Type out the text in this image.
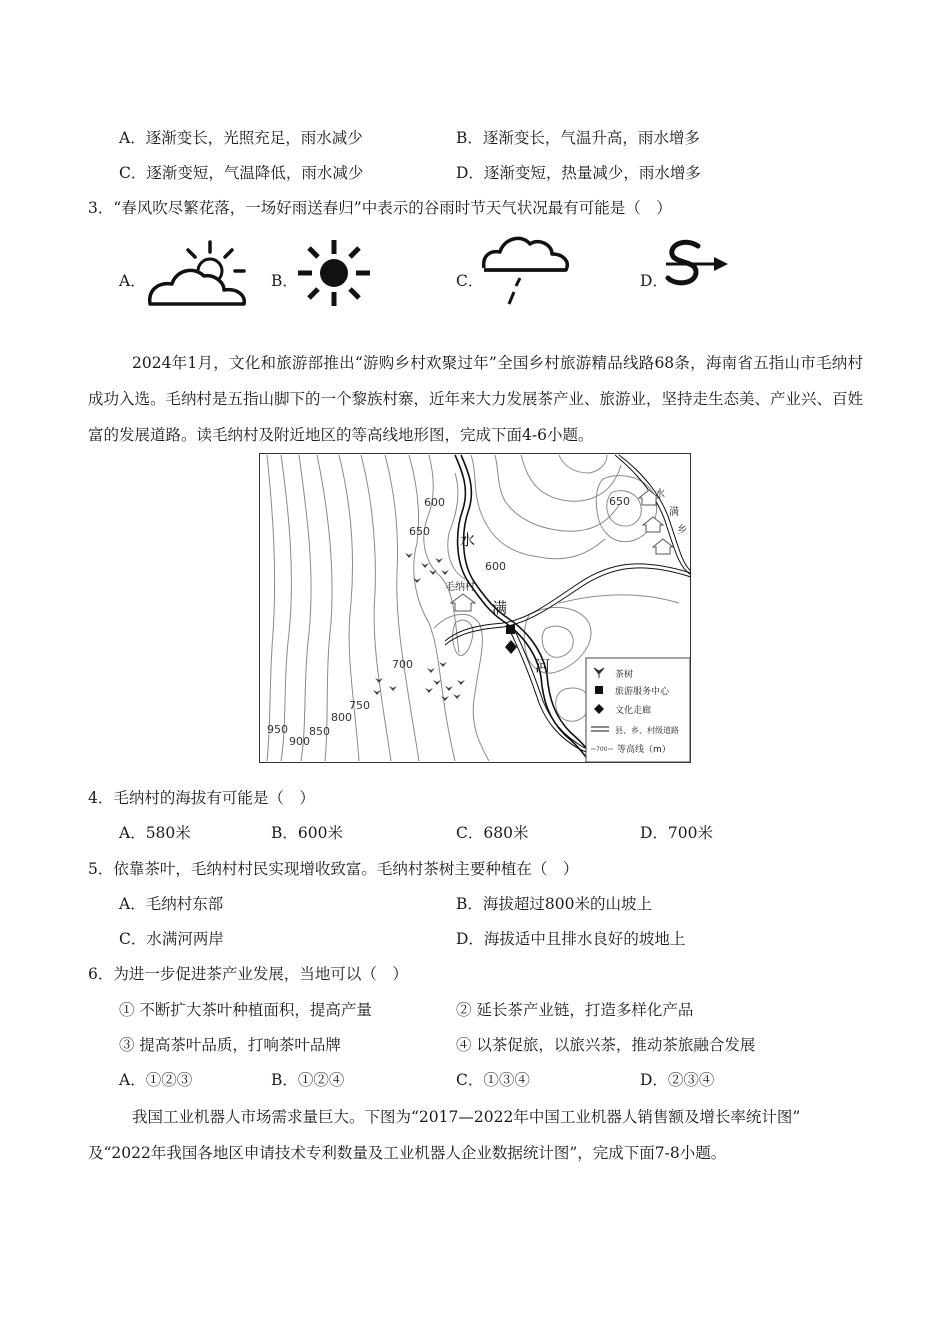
A．逐渐变长，光照充足，雨水减少	B．逐渐变长，气温升高，雨水增多
C．逐渐变短，气温降低，雨水减少	D．逐渐变短，热量减少，雨水增多
3．“春风吹尽繁花落，一场好雨送春归”中表示的谷雨时节天气状况最有可能是（　）
A．	B．	C．	D．
2024年1月，文化和旅游部推出“游购乡村欢聚过年”全国乡村旅游精品线路68条，海南省五指山市毛纳村成功入选。毛纳村是五指山脚下的一个黎族村寨，近年来大力发展茶产业、旅游业，坚持走生态美、产业兴、百姓富的发展道路。读毛纳村及附近地区的等高线地形图，完成下面4-6小题。
600
650
600
650
700
750
800
850
900
950
毛纳村
水
满
河
水
满
乡
茶树
旅游服务中心
文化走廊
县、乡、村级道路
700 等高线（m）
4．毛纳村的海拔有可能是（　）
A．580米	B．600米	C．680米	D．700米
5．依靠茶叶，毛纳村村民实现增收致富。毛纳村茶树主要种植在（　）
A．毛纳村东部	B．海拔超过800米的山坡上
C．水满河两岸	D．海拔适中且排水良好的坡地上
6．为进一步促进茶产业发展，当地可以（　）
① 不断扩大茶叶种植面积，提高产量	② 延长茶产业链，打造多样化产品
③ 提高茶叶品质，打响茶叶品牌	④ 以茶促旅，以旅兴茶，推动茶旅融合发展
A．①②③	B．①②④	C．①③④	D．②③④
我国工业机器人市场需求量巨大。下图为“2017—2022年中国工业机器人销售额及增长率统计图”
及“2022年我国各地区申请技术专利数量及工业机器人企业数据统计图”，完成下面7-8小题。
